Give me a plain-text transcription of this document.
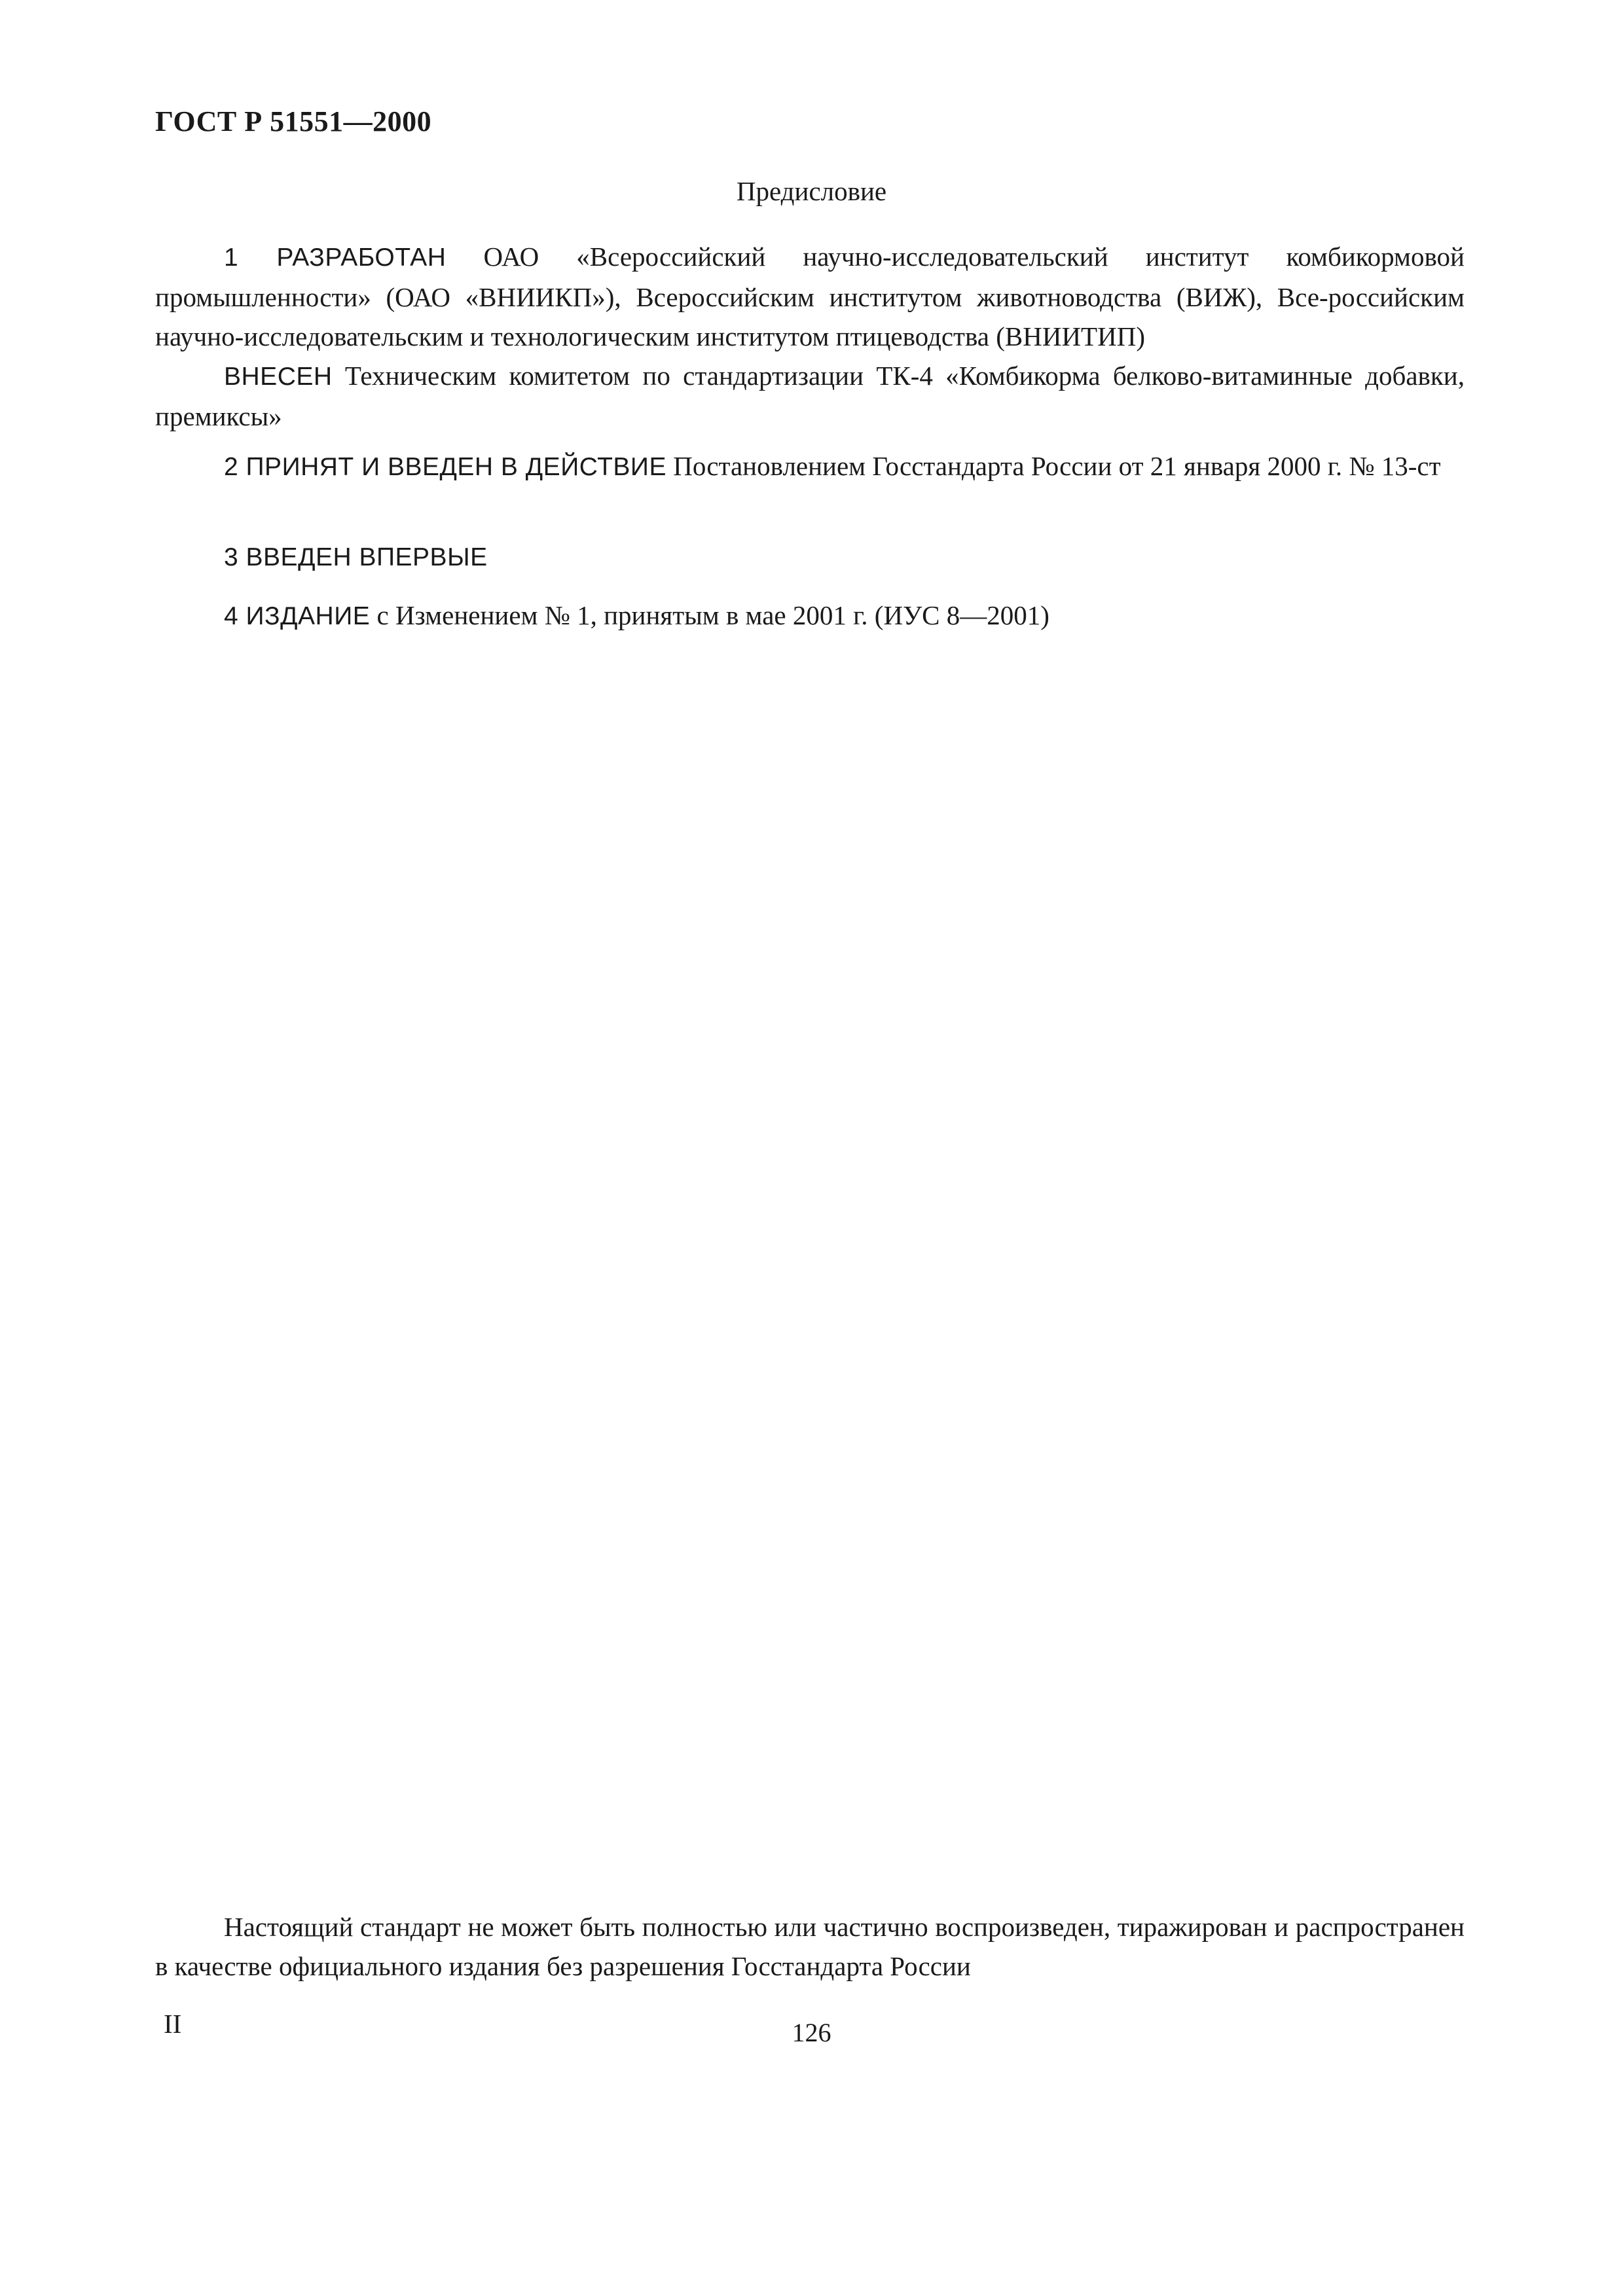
ГОСТ Р 51551—2000

Предисловие

1 РАЗРАБОТАН ОАО «Всероссийский научно-исследовательский институт комбикормовой промышленности» (ОАО «ВНИИКП»), Всероссийским институтом животноводства (ВИЖ), Все-российским научно-исследовательским и технологическим институтом птицеводства (ВНИИТИП)

ВНЕСЕН Техническим комитетом по стандартизации ТК-4 «Комбикорма белково-витаминные добавки, премиксы»

2 ПРИНЯТ И ВВЕДЕН В ДЕЙСТВИЕ Постановлением Госстандарта России от 21 января 2000 г. № 13-ст

3 ВВЕДЕН ВПЕРВЫЕ

4 ИЗДАНИЕ с Изменением № 1, принятым в мае 2001 г. (ИУС 8—2001)

Настоящий стандарт не может быть полностью или частично воспроизведен, тиражирован и распространен в качестве официального издания без разрешения Госстандарта России

II	126
